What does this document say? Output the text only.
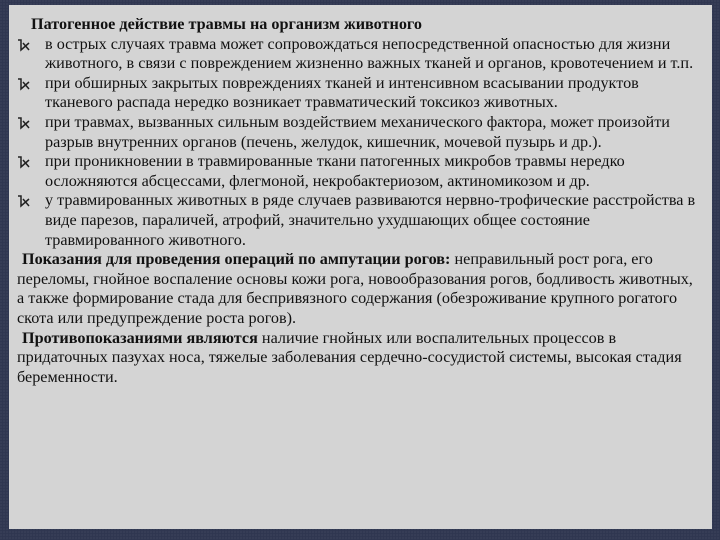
Патогенное действие травмы на организм животного

в острых случаях травма может сопровождаться непосредственной опасностью для жизни животного, в связи с повреждением жизненно важных тканей и органов, кровотечением и т.п.
при обширных закрытых повреждениях тканей и интенсивном всасывании продуктов тканевого распада нередко возникает травматический токсикоз животных.
при травмах, вызванных сильным воздействием механического фактора, может произойти разрыв внутренних органов (печень, желудок, кишечник, мочевой пузырь и др.).
при проникновении в травмированные ткани патогенных микробов травмы нередко осложняются абсцессами, флегмоной, некробактериозом, актиномикозом и др.
у травмированных животных в ряде случаев развиваются нервно-трофические расстройства в виде парезов, параличей, атрофий, значительно ухудшающих общее состояние травмированного животного.

Показания для проведения операций по ампутации рогов: неправильный рост рога, его переломы, гнойное воспаление основы кожи рога, новообразования рогов, бодливость животных, а также формирование стада для беспривязного содержания (обезроживание крупного рогатого скота или предупреждение роста рогов).

Противопоказаниями являются наличие гнойных или воспалительных процессов в придаточных пазухах носа, тяжелые заболевания сердечно-сосудистой системы, высокая стадия беременности.
